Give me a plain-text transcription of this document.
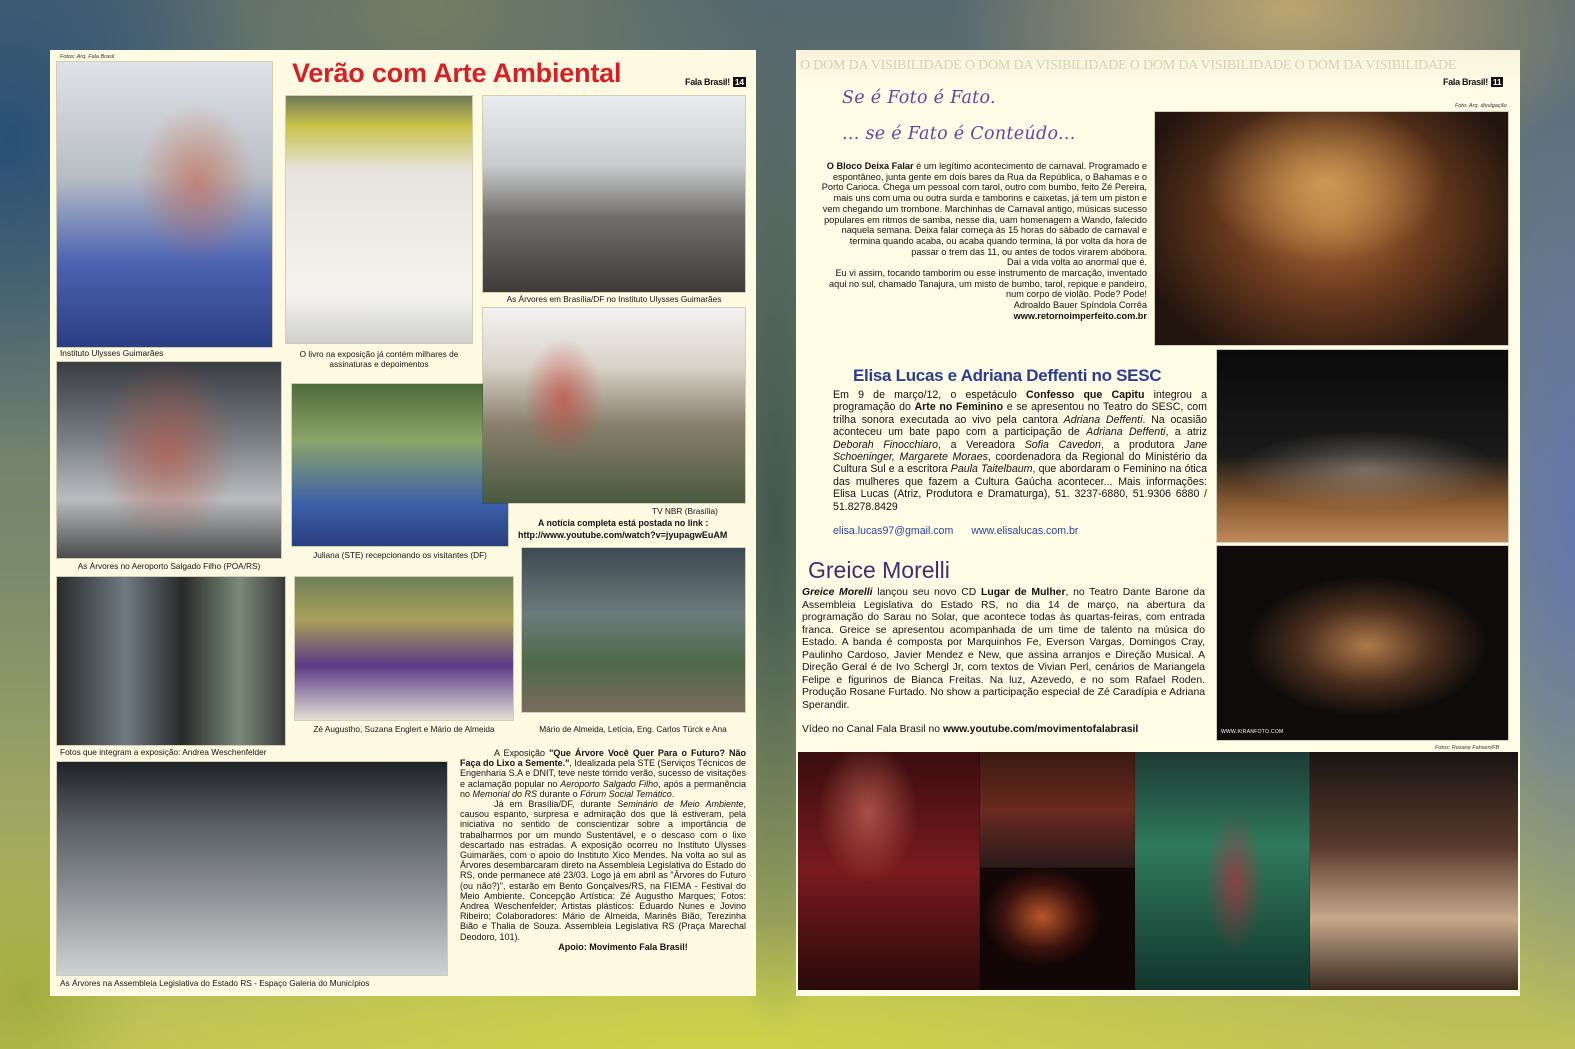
Fotos: Arq. Fala Brasil
Verão com Arte Ambiental	Fala Brasil! 14
Instituto Ulysses Guimarães	O livro na exposição já contém milhares de assinaturas e depoimentos
As Árvores em Brasília/DF no Instituto Ulysses Guimarães
As Árvores no Aeroporto Salgado Filho (POA/RS)
Juliana (STE) recepcionando os visitantes (DF)
TV NBR (Brasília)
A notícia completa está postada no link :
http://www.youtube.com/watch?v=jyupagwEuAM
Fotos que integram a exposição: Andrea Weschenfelder
Zé Augustho, Suzana Englert e Mário de Almeida	Mário de Almeida, Letícia, Eng. Carlos Türck e Ana
As Árvores na Assembleia Legislativa do Estado RS - Espaço Galeria do Municípios

A Exposição "Que Árvore Você Quer Para o Futuro? Não Faça do Lixo a Semente.", Idealizada pela STE (Serviços Técnicos de Engenharia S.A e DNIT, teve neste tórrido verão, sucesso de visitações e aclamação popular no Aeroporto Salgado Filho, após a permanência no Memorial do RS durante o Fórum Social Temático.

Já em Brasília/DF, durante Seminário de Meio Ambiente, causou espanto, surpresa e admiração dos que lá estiveram, pela iniciativa no sentido de conscientizar sobre a importância de trabalharmos por um mundo Sustentável, e o descaso com o lixo descartado nas estradas. A exposição ocorreu no Instituto Ulysses Guimarães, com o apoio do Instituto Xico Mendes. Na volta ao sul as Árvores desembarcaram direto na Assembleia Legislativa do Estado do RS, onde permanece até 23/03. Logo já em abril as "Árvores do Futuro (ou não?)", estarão em Bento Gonçalves/RS, na FIEMA - Festival do Meio Ambiente. Concepção Artística: Zé Augustho Marques; Fotos: Andrea Weschenfelder; Artistas plásticos: Eduardo Nunes e Jovino Ribeiro; Colaboradores: Mário de Almeida, Marinês Bião, Terezinha Bião e Thalia de Souza. Assembleia Legislativa RS (Praça Marechal Deodoro, 101).

Apoio: Movimento Fala Brasil!

O DOM DA VISIBILIDADE O DOM DA VISIBILIDADE O DOM DA VISIBILIDADE O DOM DA VISIBILIDADE
Fala Brasil! 11
Se é Foto é Fato.
... se é Fato é Conteúdo...
Foto: Arq. divulgação

O Bloco Deixa Falar é um legítimo acontecimento de carnaval. Programado e espontâneo, junta gente em dois bares da Rua da República, o Bahamas e o Porto Carioca. Chega um pessoal com tarol, outro com bumbo, feito Zé Pereira, mais uns com uma ou outra surda e tamborins e caixetas, já tem um piston e vem chegando um trombone. Marchinhas de Carnaval antigo, músicas sucesso populares em ritmos de samba, nesse dia, uam homenagem a Wando, falecido naquela semana. Deixa falar começa às 15 horas do sábado de carnaval e termina quando acaba, ou acaba quando termina, lá por volta da hora de passar o trem das 11, ou antes de todos virarem abóbora.

Daí a vida volta ao anormal que é.

Eu vi assim, tocando tamborim ou esse instrumento de marcação, inventado aqui no sul, chamado Tanajura, um misto de bumbo, tarol, repique e pandeiro, num corpo de violão. Pode? Pode!

Adroaldo Bauer Spíndola Corrêa

www.retornoimperfeito.com.br

Elisa Lucas e Adriana Deffenti no SESC
Em 9 de março/12, o espetáculo Confesso que Capitu integrou a programação do Arte no Feminino e se apresentou no Teatro do SESC, com trilha sonora executada ao vivo pela cantora Adriana Deffenti. Na ocasião aconteceu um bate papo com a participação de Adriana Deffenti, a atriz Deborah Finocchiaro, a Vereadora Sofia Cavedon, a produtora Jane Schoeninger, Margarete Moraes, coordenadora da Regional do Ministério da Cultura Sul e a escritora Paula Taitelbaum, que abordaram o Feminino na ótica das mulheres que fazem a Cultura Gaúcha acontecer... Mais informações: Elisa Lucas (Atriz, Produtora e Dramaturga), 51. 3237-6880, 51.9306 6880 / 51.8278.8429
elisa.lucas97@gmail.com www.elisalucas.com.br
WWW.KIRANFOTO.COM
Greice Morelli
Greice Morelli lançou seu novo CD Lugar de Mulher, no Teatro Dante Barone da Assembleia Legislativa do Estado RS, no dia 14 de março, na abertura da programação do Sarau no Solar, que acontece todas às quartas-feiras, com entrada franca. Greice se apresentou acompanhada de um time de talento na música do Estado. A banda é composta por Marquinhos Fe, Everson Vargas, Domingos Cray, Paulinho Cardoso, Javier Mendez e New, que assina arranjos e Direção Musical. A Direção Geral é de Ivo Schergl Jr, com textos de Vivian Perl, cenários de Mariangela Felipe e figurinos de Bianca Freitas. Na luz, Azevedo, e no som Rafael Roden. Produção Rosane Furtado. No show a participação especial de Zé Caradípia e Adriana Sperandir.
Vídeo no Canal Fala Brasil no www.youtube.com/movimentofalabrasil
Fotos: Rosane Fahsen/FB
